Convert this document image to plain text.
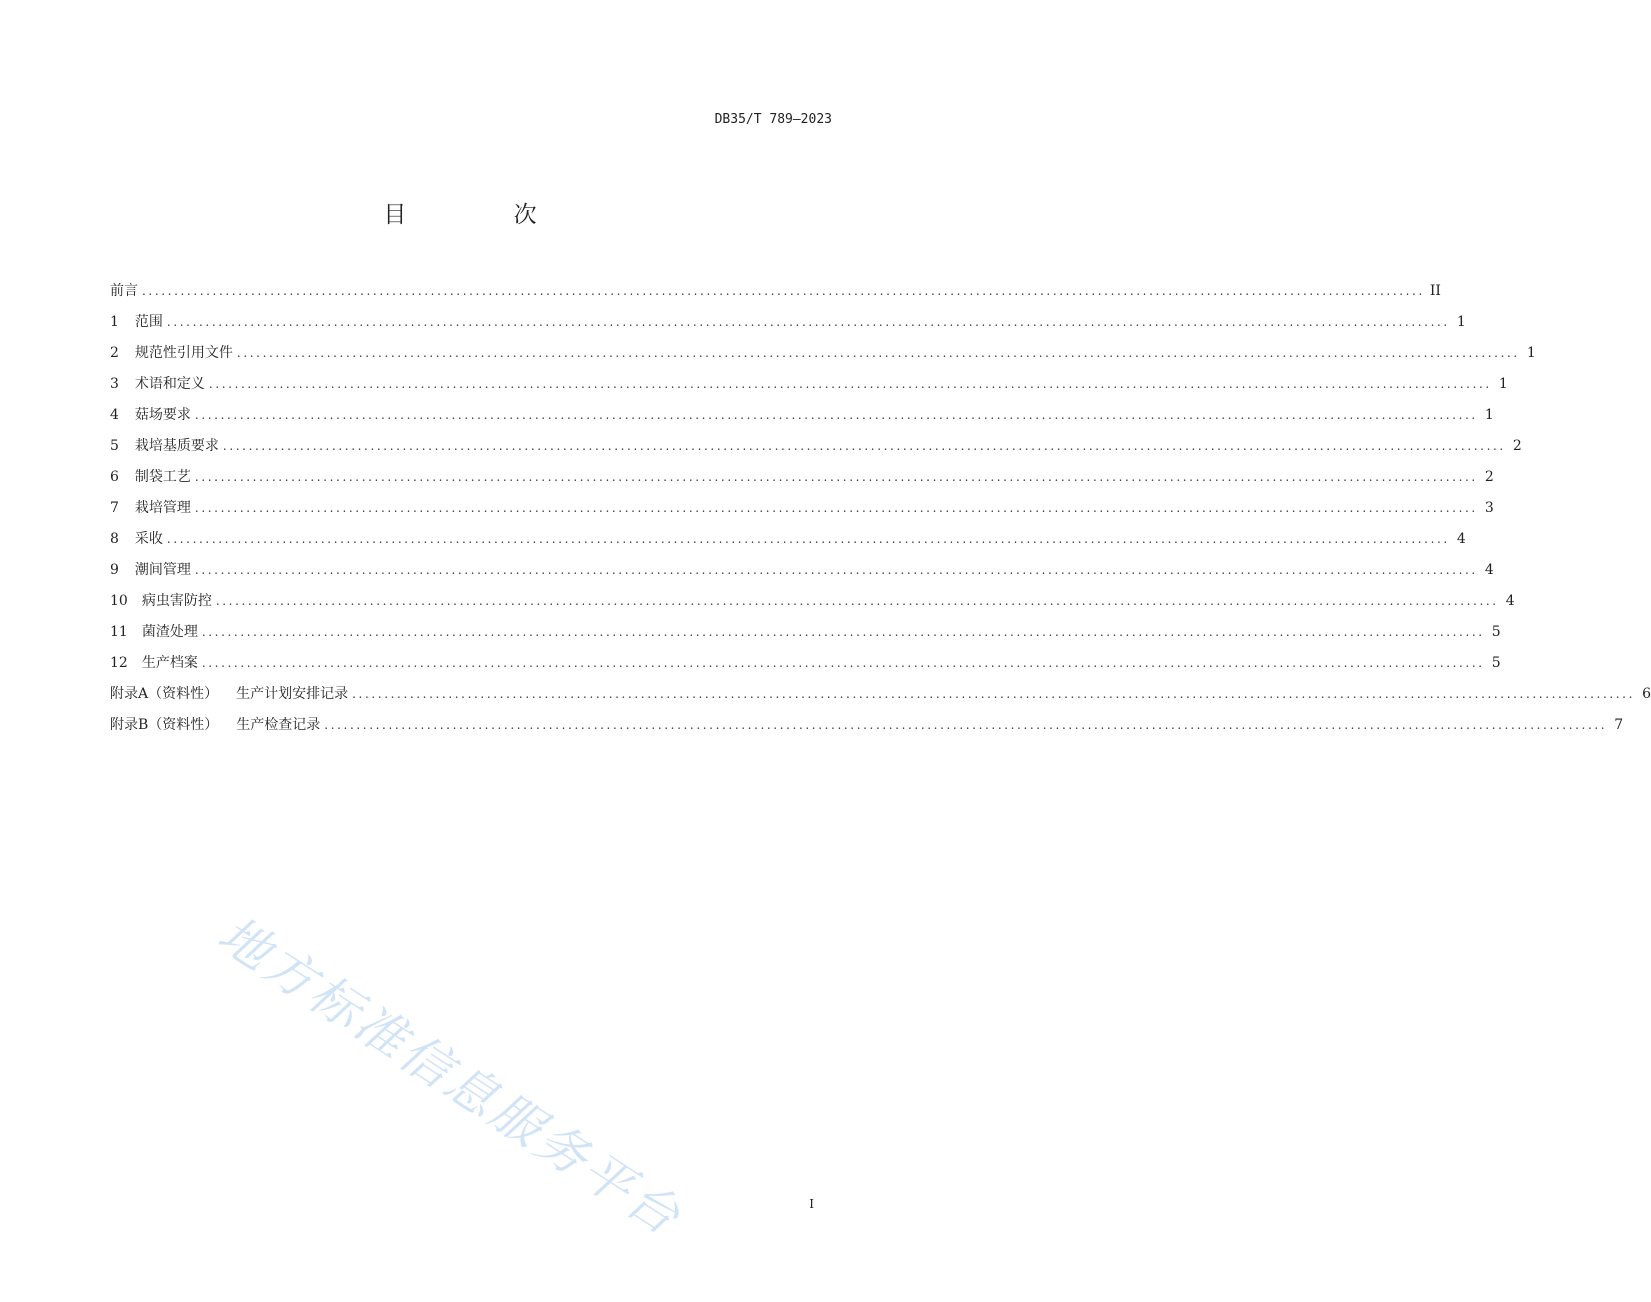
DB35/T 789—2023
目 次
前言 ........................................................................................................................................................................................................ II
1 范围 ........................................................................................................................................................................................................ 1
2 规范性引用文件 ........................................................................................................................................................................................................ 1
3 术语和定义 ........................................................................................................................................................................................................ 1
4 菇场要求 ........................................................................................................................................................................................................ 1
5 栽培基质要求 ........................................................................................................................................................................................................ 2
6 制袋工艺 ........................................................................................................................................................................................................ 2
7 栽培管理 ........................................................................................................................................................................................................ 3
8 采收 ........................................................................................................................................................................................................ 4
9 潮间管理 ........................................................................................................................................................................................................ 4
10 病虫害防控 ........................................................................................................................................................................................................ 4
11 菌渣处理 ........................................................................................................................................................................................................ 5
12 生产档案 ........................................................................................................................................................................................................ 5
附录A（资料性） 生产计划安排记录 ........................................................................................................................................................................................................ 6
附录B（资料性） 生产检查记录 ........................................................................................................................................................................................................ 7
地方标准信息服务平台	I
